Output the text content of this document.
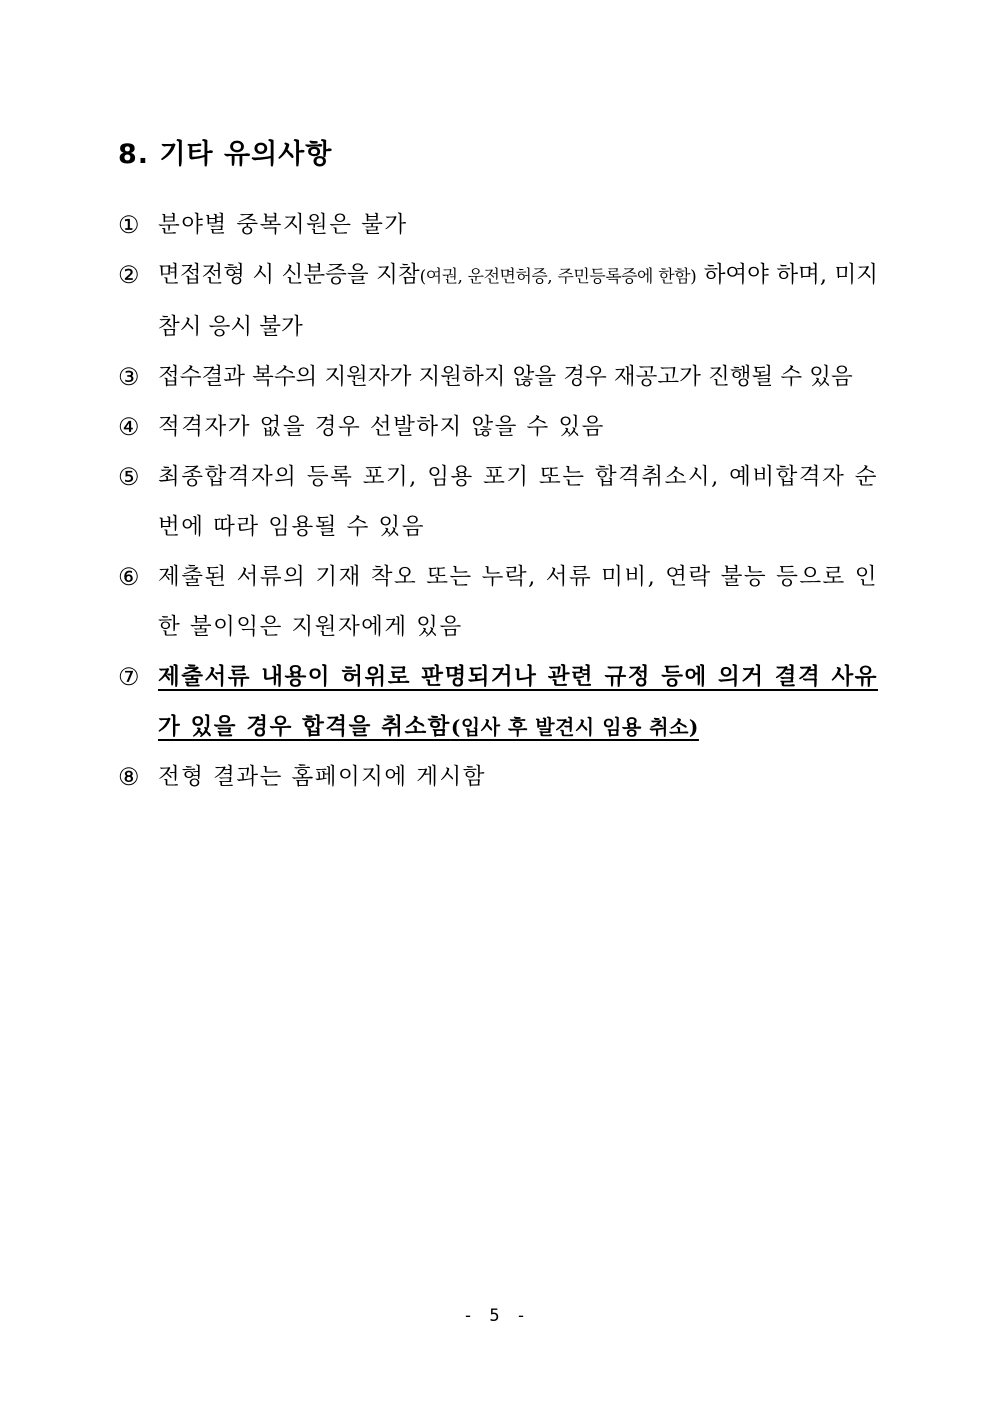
8. 기타 유의사항
① 분야별 중복지원은 불가
② 면접전형 시 신분증을 지참(여권, 운전면허증, 주민등록증에 한함) 하여야 하며, 미지참시 응시 불가
③ 접수결과 복수의 지원자가 지원하지 않을 경우 재공고가 진행될 수 있음
④ 적격자가 없을 경우 선발하지 않을 수 있음
⑤ 최종합격자의 등록 포기, 임용 포기 또는 합격취소시, 예비합격자 순번에 따라 임용될 수 있음
⑥ 제출된 서류의 기재 착오 또는 누락, 서류 미비, 연락 불능 등으로 인한 불이익은 지원자에게 있음
⑦ 제출서류 내용이 허위로 판명되거나 관련 규정 등에 의거 결격 사유가 있을 경우 합격을 취소함(입사 후 발견시 임용 취소)
⑧ 전형 결과는 홈페이지에 게시함

- 5 -
